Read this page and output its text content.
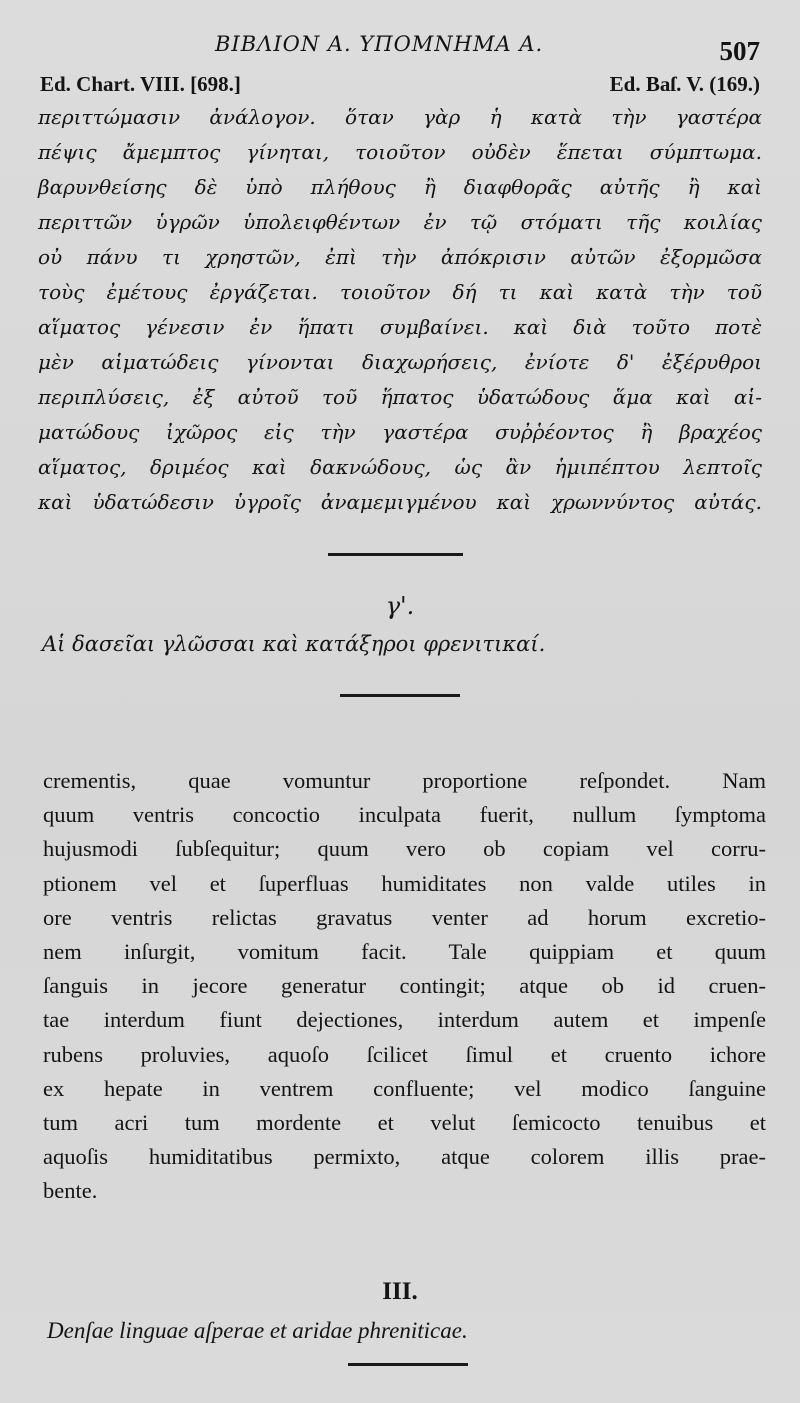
ΒΙΒΛΙΟΝ Α. ΥΠΟΜΝΗΜΑ Α.	507
Ed. Chart. VIII. [698.]	Ed. Baſ. V. (169.)
περιττώμασιν ἀνάλογον. ὅταν γὰρ ἡ κατὰ τὴν γαστέρα
πέψις ἄμεμπτος γίνηται, τοιοῦτον οὐδὲν ἕπεται σύμπτωμα.
βαρυνθείσης δὲ ὑπὸ πλήθους ἢ διαφθορᾶς αὐτῆς ἢ καὶ
περιττῶν ὑγρῶν ὑπολειφθέντων ἐν τῷ στόματι τῆς κοιλίας
οὐ πάνυ τι χρηστῶν, ἐπὶ τὴν ἀπόκρισιν αὐτῶν ἐξορμῶσα
τοὺς ἐμέτους ἐργάζεται. τοιοῦτον δή τι καὶ κατὰ τὴν τοῦ
αἵματος γένεσιν ἐν ἥπατι συμβαίνει. καὶ διὰ τοῦτο ποτὲ
μὲν αἱματώδεις γίνονται διαχωρήσεις, ἐνίοτε δ' ἐξέρυθροι
περιπλύσεις, ἐξ αὐτοῦ τοῦ ἥπατος ὑδατώδους ἅμα καὶ αἱ-
ματώδους ἰχῶρος εἰς τὴν γαστέρα συῤῥέοντος ἢ βραχέος
αἵματος, δριμέος καὶ δακνώδους, ὡς ἂν ἡμιπέπτου λεπτοῖς
καὶ ὑδατώδεσιν ὑγροῖς ἀναμεμιγμένου καὶ χρωννύντος αὐτάς.
γ'.
Αἱ δασεῖαι γλῶσσαι καὶ κατάξηροι φρενιτικαί.
crementis, quae vomuntur proportione reſpondet. Nam
quum ventris concoctio inculpata fuerit, nullum ſymptoma
hujusmodi ſubſequitur; quum vero ob copiam vel corru-
ptionem vel et ſuperfluas humiditates non valde utiles in
ore ventris relictas gravatus venter ad horum excretio-
nem inſurgit, vomitum facit. Tale quippiam et quum
ſanguis in jecore generatur contingit; atque ob id cruen-
tae interdum fiunt dejectiones, interdum autem et impenſe
rubens proluvies, aquoſo ſcilicet ſimul et cruento ichore
ex hepate in ventrem confluente; vel modico ſanguine
tum acri tum mordente et velut ſemicocto tenuibus et
aquoſis humiditatibus permixto, atque colorem illis prae-
bente.
III.
Denſae linguae aſperae et aridae phreniticae.
